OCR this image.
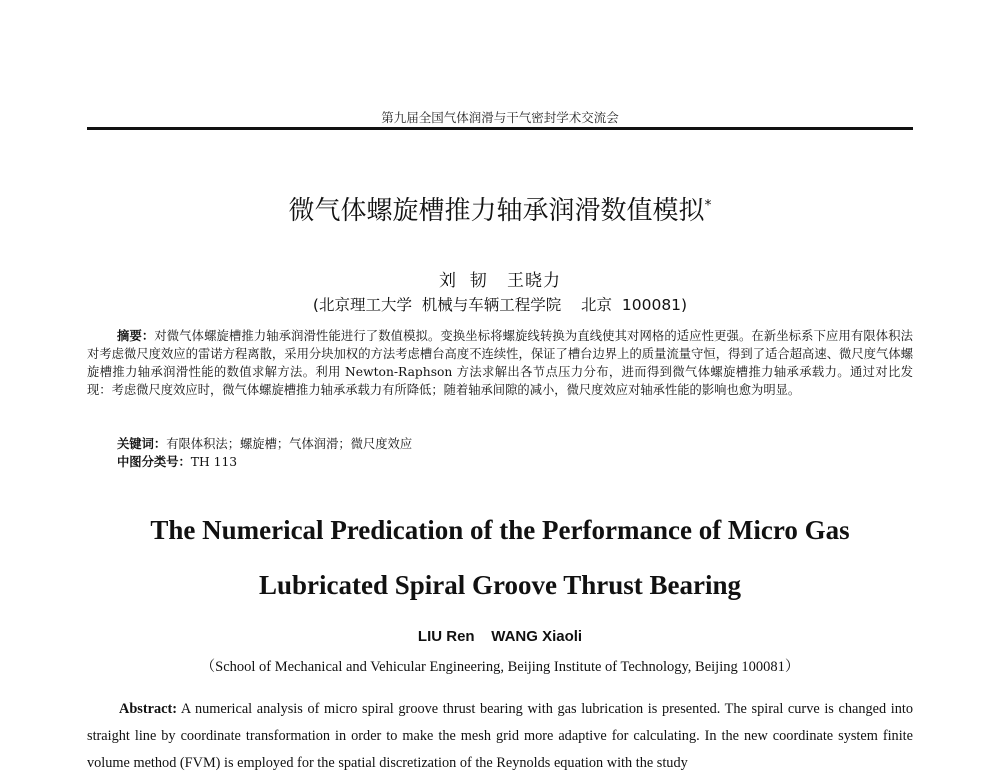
第九届全国气体润滑与干气密封学术交流会
微气体螺旋槽推力轴承润滑数值模拟*
刘  韧   王晓力
(北京理工大学  机械与车辆工程学院    北京  100081)
摘要：对微气体螺旋槽推力轴承润滑性能进行了数值模拟。变换坐标将螺旋线转换为直线使其对网格的适应性更强。在新坐标系下应用有限体积法对考虑微尺度效应的雷诺方程离散，采用分块加权的方法考虑槽台高度不连续性，保证了槽台边界上的质量流量守恒，得到了适合超高速、微尺度气体螺旋槽推力轴承润滑性能的数值求解方法。利用 Newton-Raphson 方法求解出各节点压力分布，进而得到微气体螺旋槽推力轴承承载力。通过对比发现：考虑微尺度效应时，微气体螺旋槽推力轴承承载力有所降低；随着轴承间隙的减小，微尺度效应对轴承性能的影响也愈为明显。
关键词：有限体积法；螺旋槽；气体润滑；微尺度效应
中图分类号：TH 113
The Numerical Predication of the Performance of Micro Gas
Lubricated Spiral Groove Thrust Bearing
LIU Ren    WANG Xiaoli
（School of Mechanical and Vehicular Engineering, Beijing Institute of Technology, Beijing 100081）
Abstract: A numerical analysis of micro spiral groove thrust bearing with gas lubrication is presented. The spiral curve is changed into straight line by coordinate transformation in order to make the mesh grid more adaptive for calculating. In the new coordinate system finite volume method (FVM) is employed for the spatial discretization of the Reynolds equation with the study
